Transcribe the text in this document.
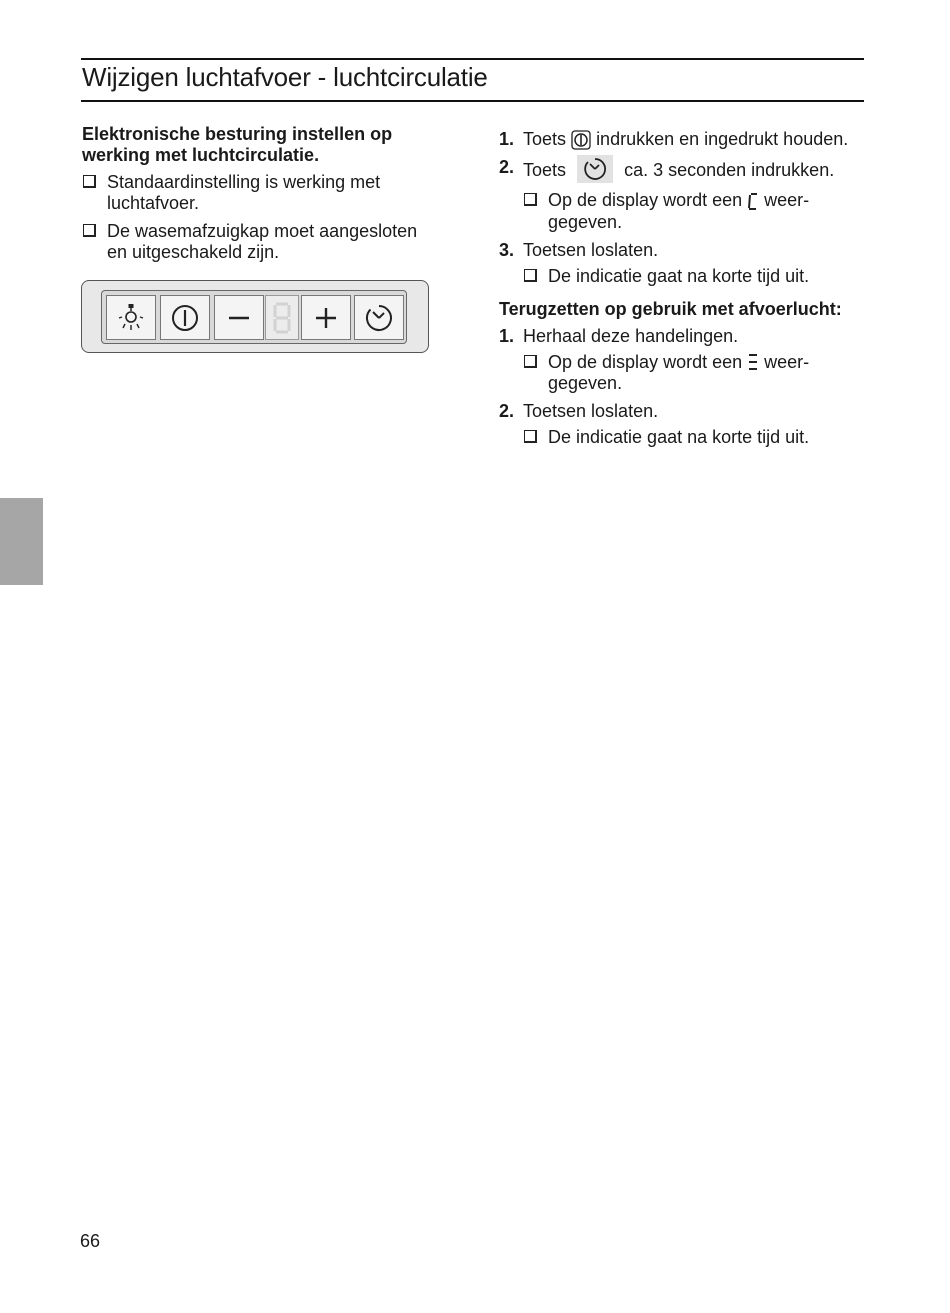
Wijzigen luchtafvoer - luchtcirculatie

Elektronische besturing instellen op werking met luchtcirculatie.

Standaardinstelling is werking met luchtafvoer.
De wasemafzuigkap moet aangesloten en uitgeschakeld zijn.
1. Toets indrukken en ingedrukt houden.
2. Toets	ca. 3 seconden indrukken.
Op de display wordt een weer-gegeven.
3. Toetsen loslaten.
De indicatie gaat na korte tijd uit.

Terugzetten op gebruik met afvoerlucht:

1. Herhaal deze handelingen.
Op de display wordt een weer-gegeven.
2. Toetsen loslaten.
De indicatie gaat na korte tijd uit.
66
